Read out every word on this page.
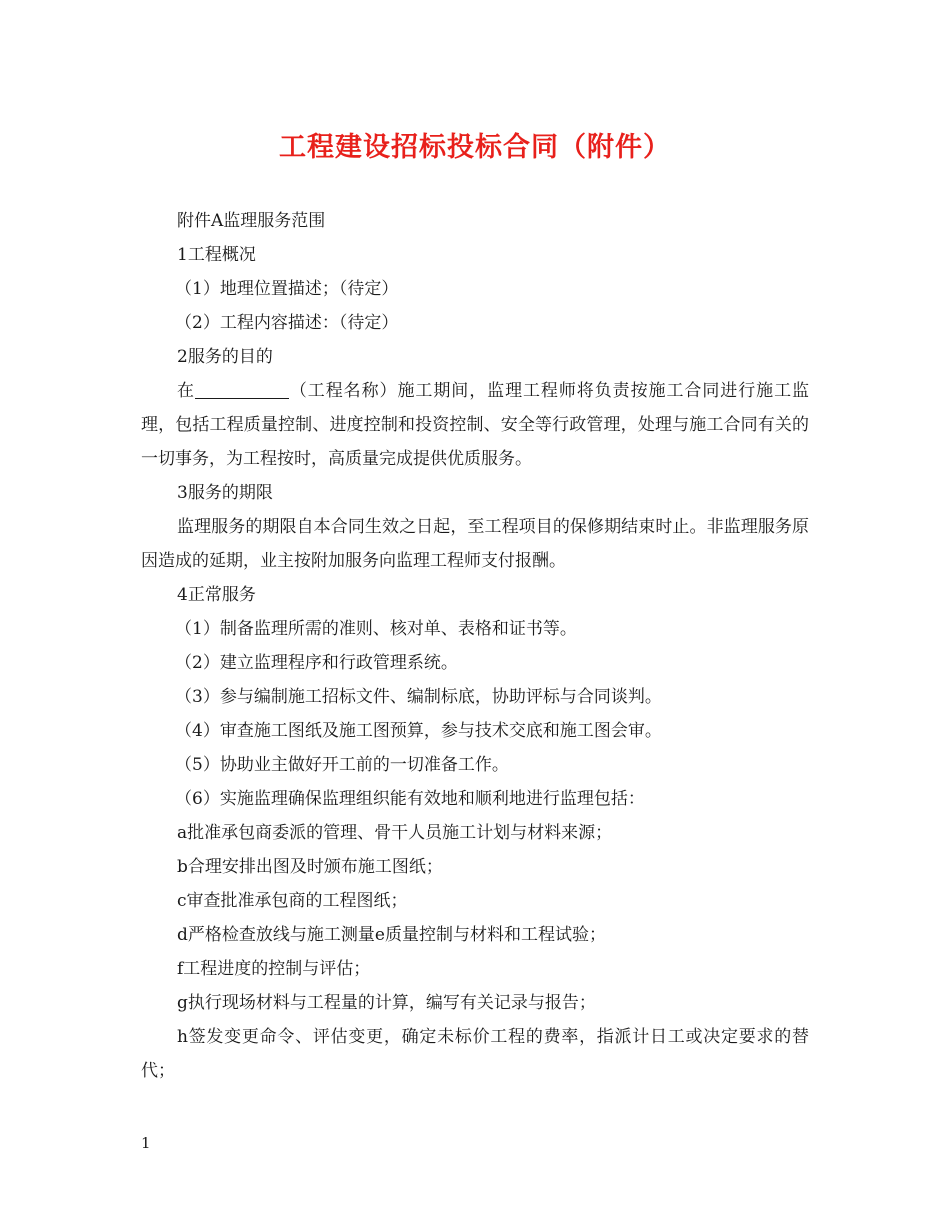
工程建设招标投标合同（附件）

附件A监理服务范围

1工程概况

（1）地理位置描述；（待定）

（2）工程内容描述：（待定）

2服务的目的

在	（工程名称）施工期间，监理工程师将负责按施工合同进行施工监理，包括工程质量控制、进度控制和投资控制、安全等行政管理，处理与施工合同有关的一切事务，为工程按时，高质量完成提供优质服务。

3服务的期限

监理服务的期限自本合同生效之日起，至工程项目的保修期结束时止。非监理服务原因造成的延期，业主按附加服务向监理工程师支付报酬。

4正常服务

（1）制备监理所需的准则、核对单、表格和证书等。

（2）建立监理程序和行政管理系统。

（3）参与编制施工招标文件、编制标底，协助评标与合同谈判。

（4）审查施工图纸及施工图预算，参与技术交底和施工图会审。

（5）协助业主做好开工前的一切准备工作。

（6）实施监理确保监理组织能有效地和顺利地进行监理包括：

a批准承包商委派的管理、骨干人员施工计划与材料来源；

b合理安排出图及时颁布施工图纸；

c审查批准承包商的工程图纸；

d严格检查放线与施工测量e质量控制与材料和工程试验；

f工程进度的控制与评估；

g执行现场材料与工程量的计算，编写有关记录与报告；

h签发变更命令、评估变更，确定未标价工程的费率，指派计日工或决定要求的替代；

1
